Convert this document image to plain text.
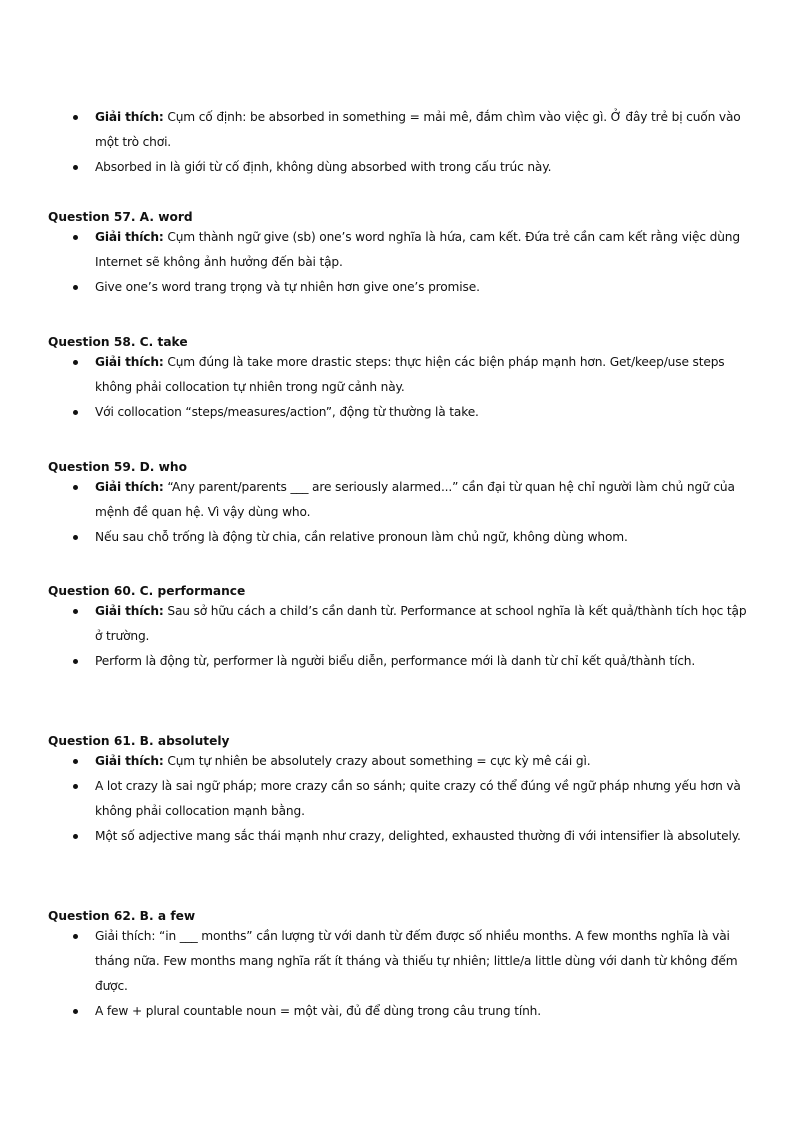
Giải thích: Cụm cố định: be absorbed in something = mải mê, đắm chìm vào việc gì. Ở đây trẻ bị cuốn vào một trò chơi.
Absorbed in là giới từ cố định, không dùng absorbed with trong cấu trúc này.

Question 57. A. word

Giải thích: Cụm thành ngữ give (sb) one’s word nghĩa là hứa, cam kết. Đứa trẻ cần cam kết rằng việc dùng Internet sẽ không ảnh hưởng đến bài tập.
Give one’s word trang trọng và tự nhiên hơn give one’s promise.

Question 58. C. take

Giải thích: Cụm đúng là take more drastic steps: thực hiện các biện pháp mạnh hơn. Get/keep/use steps không phải collocation tự nhiên trong ngữ cảnh này.
Với collocation “steps/measures/action”, động từ thường là take.

Question 59. D. who

Giải thích: “Any parent/parents ___ are seriously alarmed...” cần đại từ quan hệ chỉ người làm chủ ngữ của mệnh đề quan hệ. Vì vậy dùng who.
Nếu sau chỗ trống là động từ chia, cần relative pronoun làm chủ ngữ, không dùng whom.

Question 60. C. performance

Giải thích: Sau sở hữu cách a child’s cần danh từ. Performance at school nghĩa là kết quả/thành tích học tập ở trường.
Perform là động từ, performer là người biểu diễn, performance mới là danh từ chỉ kết quả/thành tích.

Question 61. B. absolutely

Giải thích: Cụm tự nhiên be absolutely crazy about something = cực kỳ mê cái gì.
A lot crazy là sai ngữ pháp; more crazy cần so sánh; quite crazy có thể đúng về ngữ pháp nhưng yếu hơn và không phải collocation mạnh bằng.
Một số adjective mang sắc thái mạnh như crazy, delighted, exhausted thường đi với intensifier là absolutely.

Question 62. B. a few

Giải thích: “in ___ months” cần lượng từ với danh từ đếm được số nhiều months. A few months nghĩa là vài tháng nữa. Few months mang nghĩa rất ít tháng và thiếu tự nhiên; little/a little dùng với danh từ không đếm được.
A few + plural countable noun = một vài, đủ để dùng trong câu trung tính.
